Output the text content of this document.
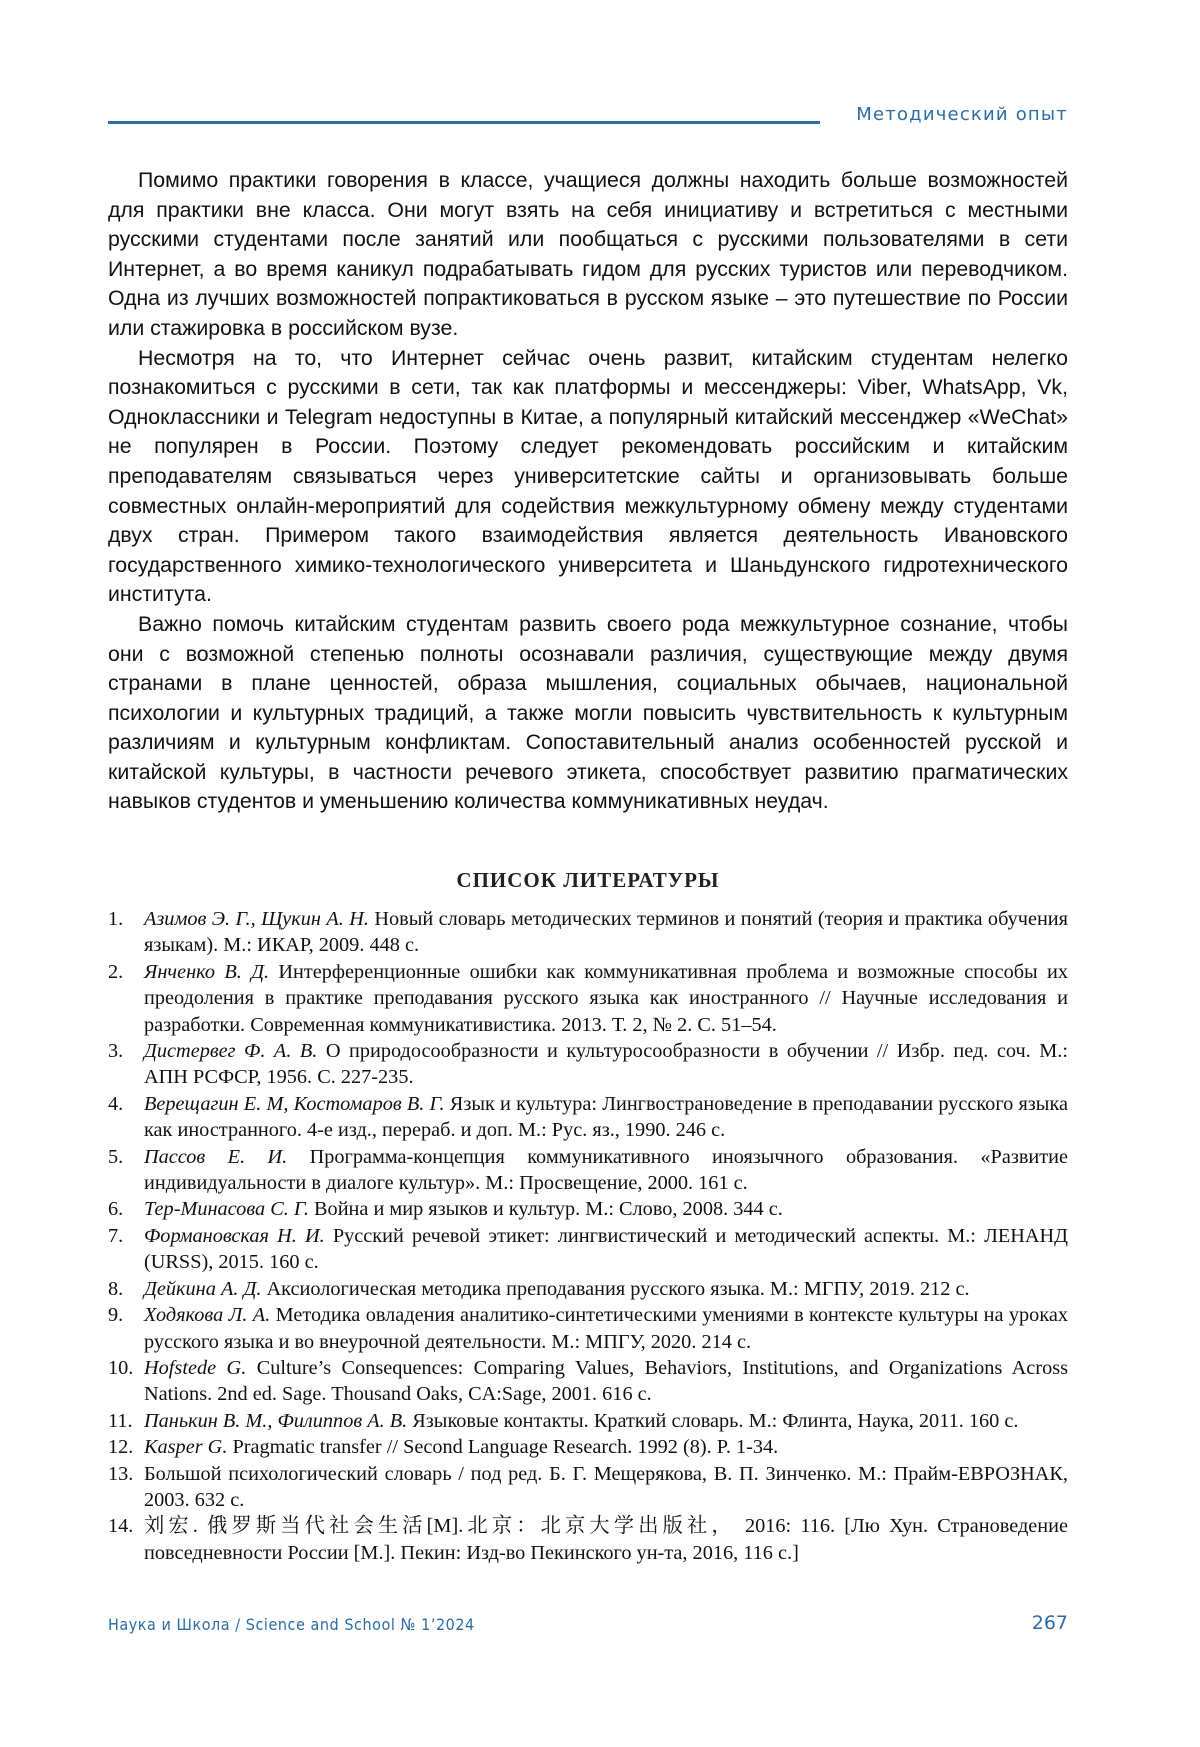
Методический опыт

Помимо практики говорения в классе, учащиеся должны находить больше возможностей для практики вне класса. Они могут взять на себя инициативу и встретиться с местными русскими студентами после занятий или пообщаться с русскими пользователями в сети Интернет, а во время каникул подрабатывать гидом для русских туристов или переводчиком. Одна из лучших возможностей попрактиковаться в русском языке – это путешествие по России или стажировка в российском вузе.

Несмотря на то, что Интернет сейчас очень развит, китайским студентам нелегко познакомиться с русскими в сети, так как платформы и мессенджеры: Viber, WhatsApp, Vk, Одноклассники и Telegram недоступны в Китае, а популярный китайский мессенджер «WeChat» не популярен в России. Поэтому следует рекомендовать российским и китайским преподавателям связываться через университетские сайты и организовывать больше совместных онлайн-мероприятий для содействия межкультурному обмену между студентами двух стран. Примером такого взаимодействия является деятельность Ивановского государственного химико-технологического университета и Шаньдунского гидротехнического института.

Важно помочь китайским студентам развить своего рода межкультурное сознание, чтобы они с возможной степенью полноты осознавали различия, существующие между двумя странами в плане ценностей, образа мышления, социальных обычаев, национальной психологии и культурных традиций, а также могли повысить чувствительность к культурным различиям и культурным конфликтам. Сопоставительный анализ особенностей русской и китайской культуры, в частности речевого этикета, способствует развитию прагматических навыков студентов и уменьшению количества коммуникативных неудач.

СПИСОК ЛИТЕРАТУРЫ
1.	Азимов Э. Г., Щукин А. Н. Новый словарь методических терминов и понятий (теория и практика обучения языкам). М.: ИКАР, 2009. 448 с.
2.	Янченко В. Д. Интерференционные ошибки как коммуникативная проблема и возможные способы их преодоления в практике преподавания русского языка как иностранного // Научные исследования и разработки. Современная коммуникативистика. 2013. Т. 2, № 2. С. 51–54.
3.	Дистервег Ф. А. В. О природосообразности и культуросообразности в обучении // Избр. пед. соч. М.: АПН РСФСР, 1956. С. 227-235.
4.	Верещагин Е. М, Костомаров В. Г. Язык и культура: Лингвострановедение в преподавании русского языка как иностранного. 4-е изд., перераб. и доп. М.: Рус. яз., 1990. 246 с.
5.	Пассов Е. И. Программа-концепция коммуникативного иноязычного образования. «Развитие индивидуальности в диалоге культур». М.: Просвещение, 2000. 161 с.
6.	Тер-Минасова С. Г. Война и мир языков и культур. М.: Слово, 2008. 344 с.
7.	Формановская Н. И. Русский речевой этикет: лингвистический и методический аспекты. М.: ЛЕНАНД (URSS), 2015. 160 с.
8.	Дейкина А. Д. Аксиологическая методика преподавания русского языка. М.: МГПУ, 2019. 212 с.
9.	Ходякова Л. А. Методика овладения аналитико-синтетическими умениями в контексте культуры на уроках русского языка и во внеурочной деятельности. М.: МПГУ, 2020. 214 с.
10. Hofstede G. Culture’s Consequences: Comparing Values, Behaviors, Institutions, and Organizations Across Nations. 2nd ed. Sage. Thousand Oaks, CA:Sage, 2001. 616 с.
11. Панькин В. М., Филиппов А. В. Языковые контакты. Краткий словарь. М.: Флинта, Наука, 2011. 160 с.
12. Kasper G. Pragmatic transfer // Second Language Research. 1992 (8). P. 1-34.
13. Большой психологический словарь / под ред. Б. Г. Мещерякова, В. П. Зинченко. М.: Прайм-ЕВРОЗНАК, 2003. 632 с.
14. 刘宏. 俄罗斯当代社会生活[M].北京：北京大学出版社， 2016: 116. [Лю Хун. Страноведение повседневности России [M.]. Пекин: Изд-во Пекинского ун-та, 2016, 116 с.]
Наука и Школа / Science and School № 1’2024	267
